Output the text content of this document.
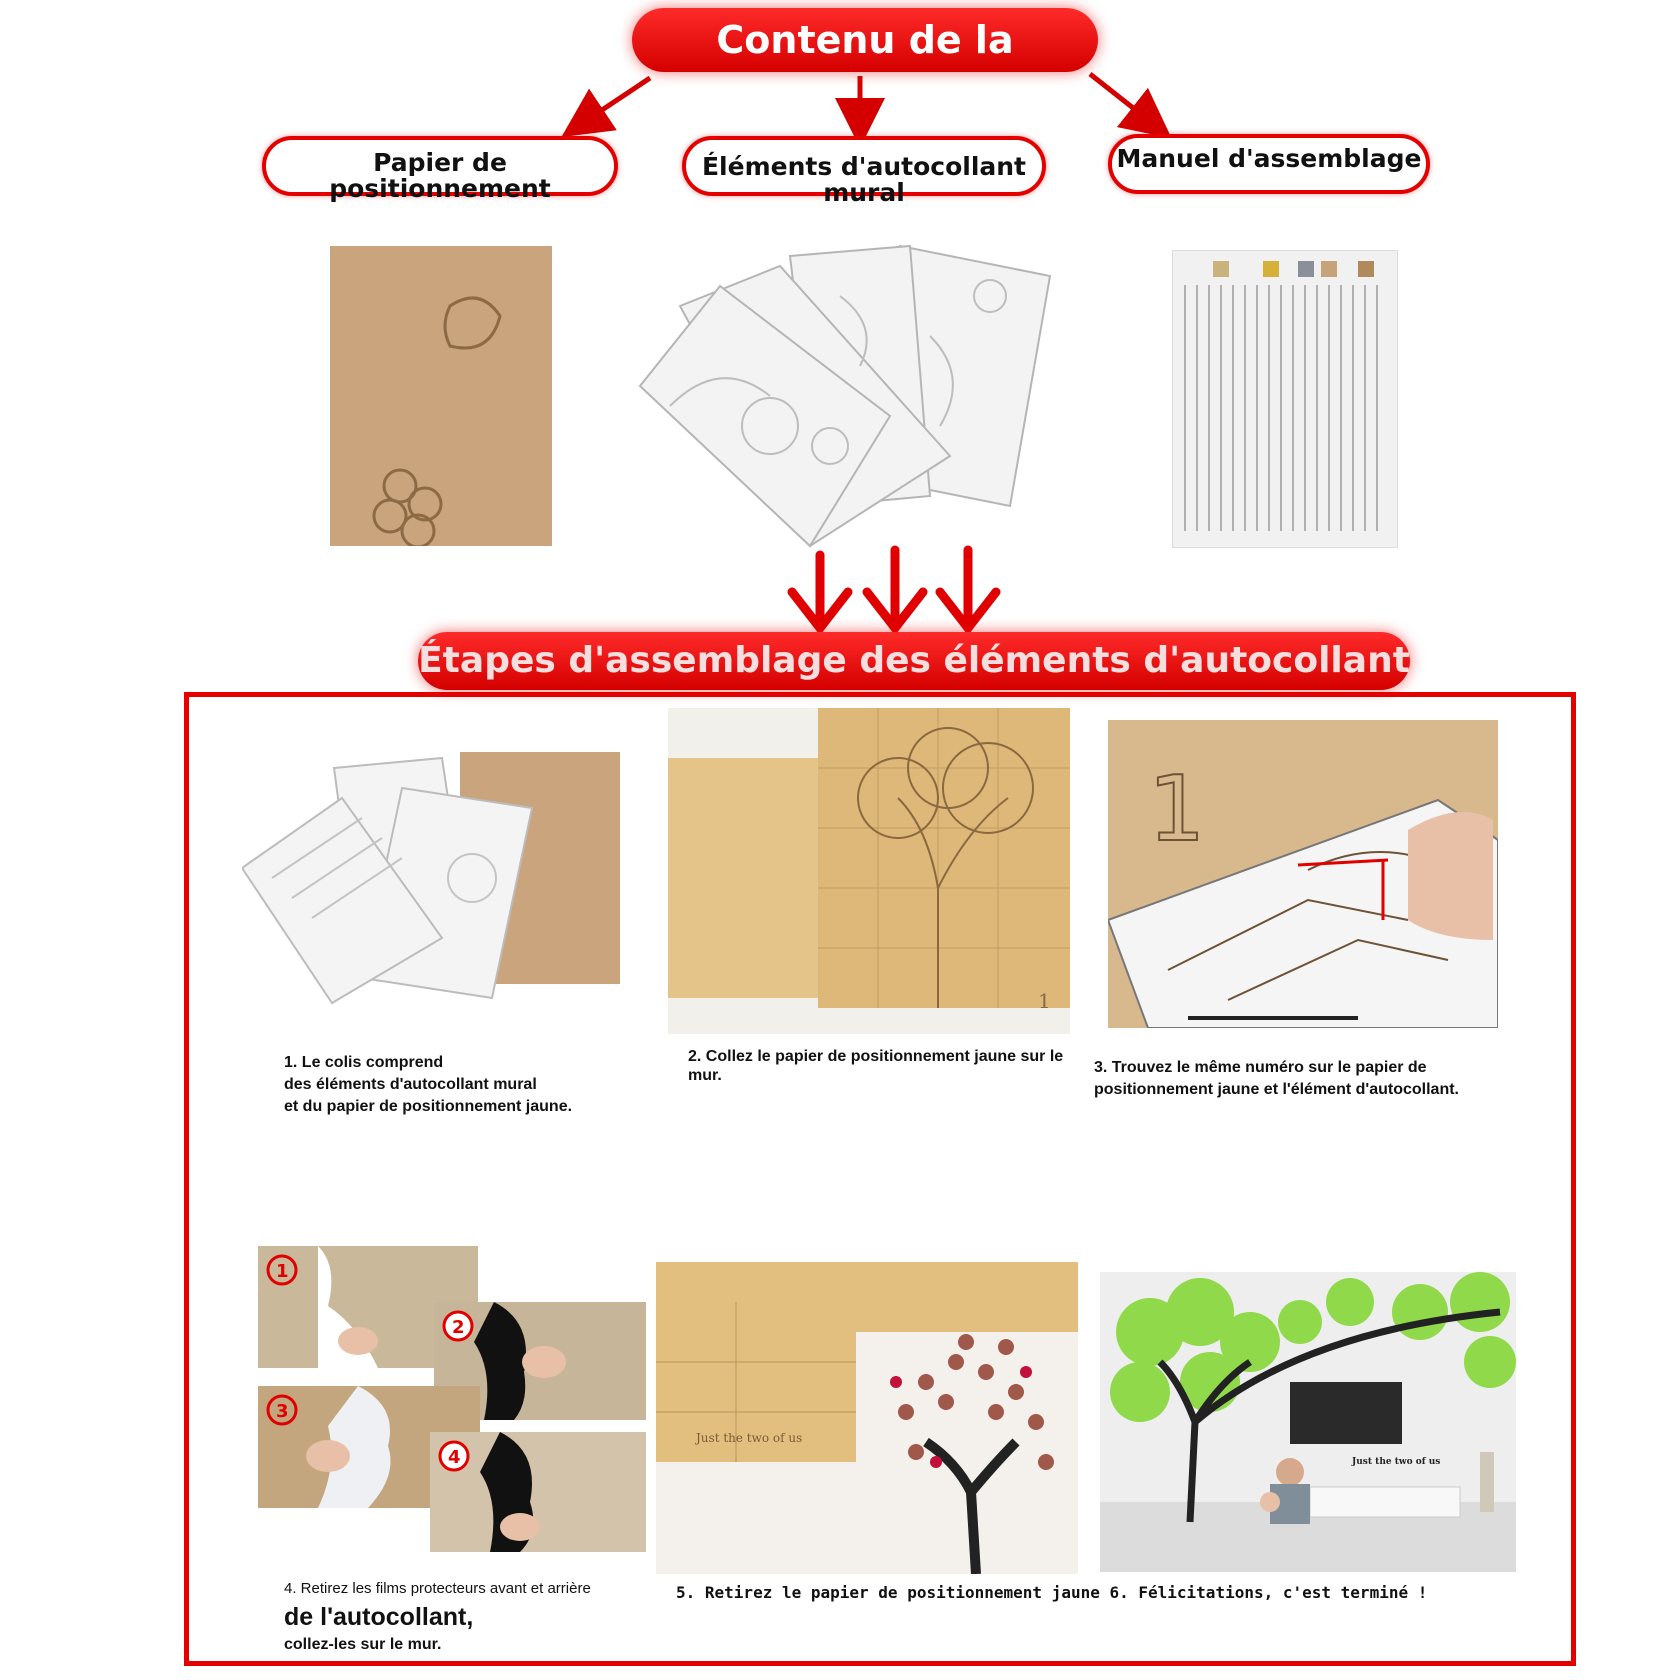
Contenu de la livraison
Papier de positionnement
Éléments d'autocollant mural
Manuel d'assemblage
Étapes d'assemblage des éléments d'autocollant
1
1
1. Le colis comprend
des éléments d'autocollant mural
et du papier de positionnement jaune.
2. Collez le papier de positionnement jaune sur le
mur.	3. Trouvez le même numéro sur le papier de
positionnement jaune et l'élément d'autocollant.
1
2
3
4
Just the two of us
Just the two of us
4. Retirez les films protecteurs avant et arrière
de l'autocollant,
collez-les sur le mur.
5. Retirez le papier de positionnement jaune 6. Félicitations, c'est terminé !
